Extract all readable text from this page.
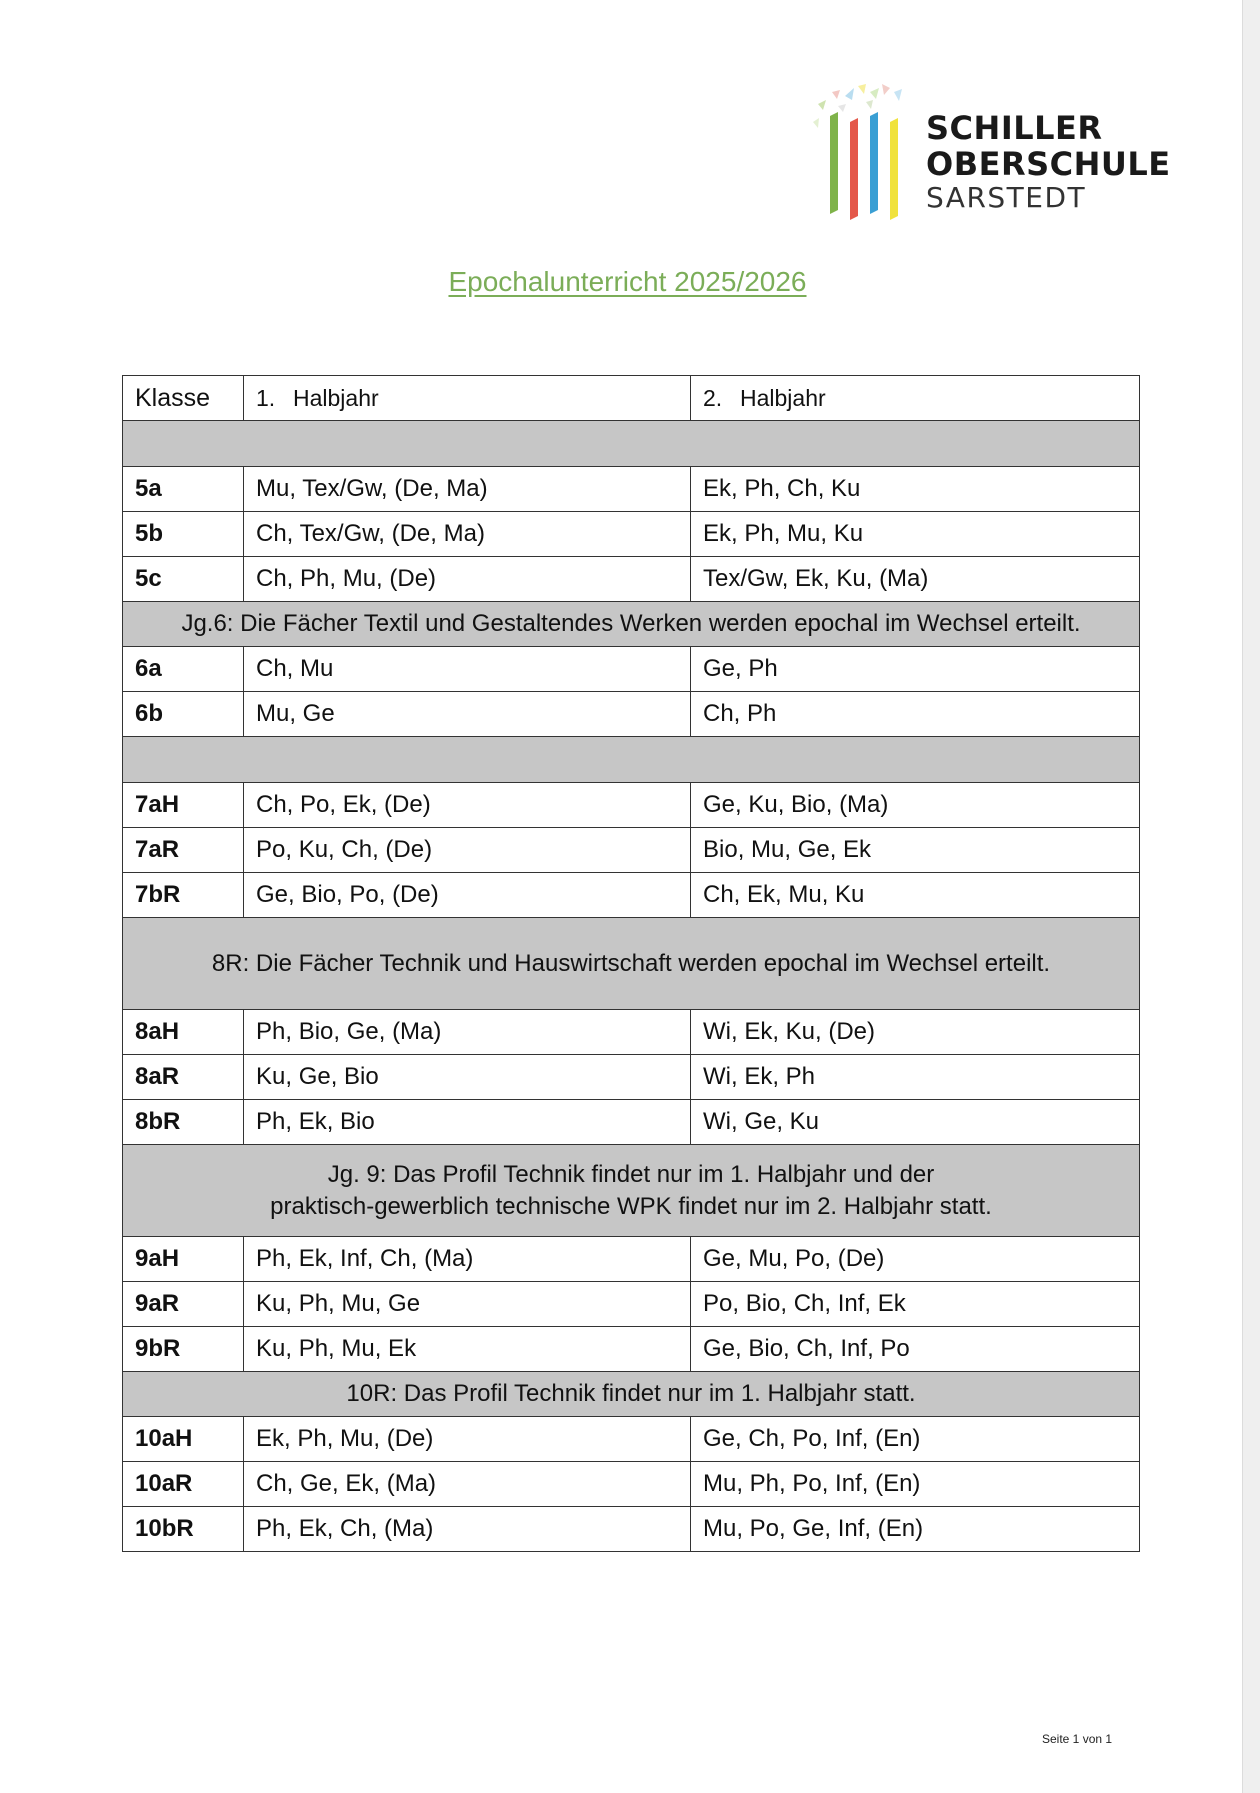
SCHILLER
OBERSCHULE
SARSTEDT
Epochalunterricht 2025/2026
Klasse	1. Halbjahr	2. Halbjahr

5a	Mu, Tex/Gw, (De, Ma)	Ek, Ph, Ch, Ku
5b	Ch, Tex/Gw, (De, Ma)	Ek, Ph, Mu, Ku
5c	Ch, Ph, Mu, (De)	Tex/Gw, Ek, Ku, (Ma)
Jg.6: Die Fächer Textil und Gestaltendes Werken werden epochal im Wechsel erteilt.		
6a	Ch, Mu	Ge, Ph
6b	Mu, Ge	Ch, Ph

7aH	Ch, Po, Ek, (De)	Ge, Ku, Bio, (Ma)
7aR	Po, Ku, Ch, (De)	Bio, Mu, Ge, Ek
7bR	Ge, Bio, Po, (De)	Ch, Ek, Mu, Ku
8R: Die Fächer Technik und Hauswirtschaft werden epochal im Wechsel erteilt.		
8aH	Ph, Bio, Ge, (Ma)	Wi, Ek, Ku, (De)
8aR	Ku, Ge, Bio	Wi, Ek, Ph
8bR	Ph, Ek, Bio	Wi, Ge, Ku

Jg. 9: Das Profil Technik findet nur im 1. Halbjahr und der
praktisch-gewerblich technische WPK findet nur im 2. Halbjahr statt.		

9aH	Ph, Ek, Inf, Ch, (Ma)	Ge, Mu, Po, (De)
9aR	Ku, Ph, Mu, Ge	Po, Bio, Ch, Inf, Ek
9bR	Ku, Ph, Mu, Ek	Ge, Bio, Ch, Inf, Po
10R: Das Profil Technik findet nur im 1. Halbjahr statt.		
10aH	Ek, Ph, Mu, (De)	Ge, Ch, Po, Inf, (En)
10aR	Ch, Ge, Ek, (Ma)	Mu, Ph, Po, Inf, (En)
10bR	Ph, Ek, Ch, (Ma)	Mu, Po, Ge, Inf, (En)
Seite 1 von 1
